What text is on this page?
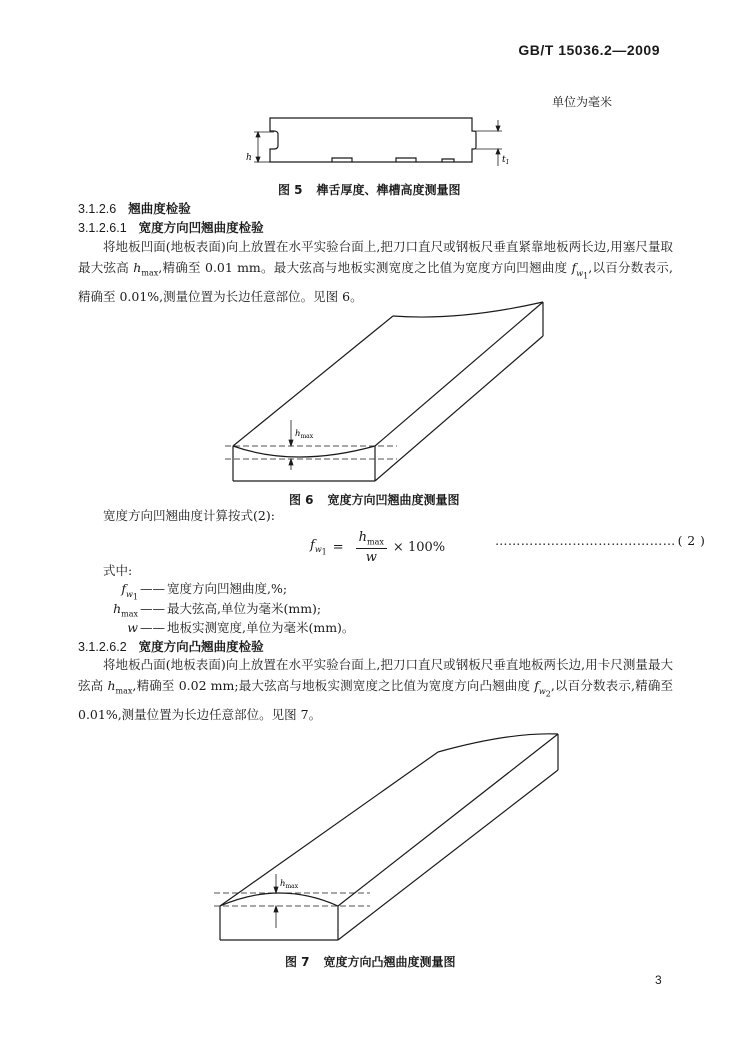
GB/T 15036.2—2009
单位为毫米
h	$t_1$
图 5 榫舌厚度、榫槽高度测量图
3.1.2.6 翘曲度检验
3.1.2.6.1 宽度方向凹翘曲度检验
将地板凹面(地板表面)向上放置在水平实验台面上,把刀口直尺或钢板尺垂直紧靠地板两长边,用塞尺量取最大弦高 $h_{max}$,精确至 0.01 mm。最大弦高与地板实测宽度之比值为宽度方向凹翘曲度 $f_{w_1}$,以百分数表示,精确至 0.01%,测量位置为长边任意部位。见图 6。
$h_{max}$
图 6 宽度方向凹翘曲度测量图
宽度方向凹翘曲度计算按式(2):
$f_{w_1} = \frac{h_{max}}{w} \times 100\%$	…………………………………… ( 2 )
式中:
$f_{w_1}——$ 宽度方向凹翘曲度,%;
$h_{max}$ —— 最大弦高,单位为毫米(mm);
w —— 地板实测宽度,单位为毫米(mm)。
3.1.2.6.2 宽度方向凸翘曲度检验
将地板凸面(地板表面)向上放置在水平实验台面上,把刀口直尺或钢板尺垂直地板两长边,用卡尺测量最大弦高 $h_{max}$,精确至 0.02 mm;最大弦高与地板实测宽度之比值为宽度方向凸翘曲度 $f_{w_2}$,以百分数表示,精确至 0.01%,测量位置为长边任意部位。见图 7。
$h_{max}$
图 7 宽度方向凸翘曲度测量图
3
